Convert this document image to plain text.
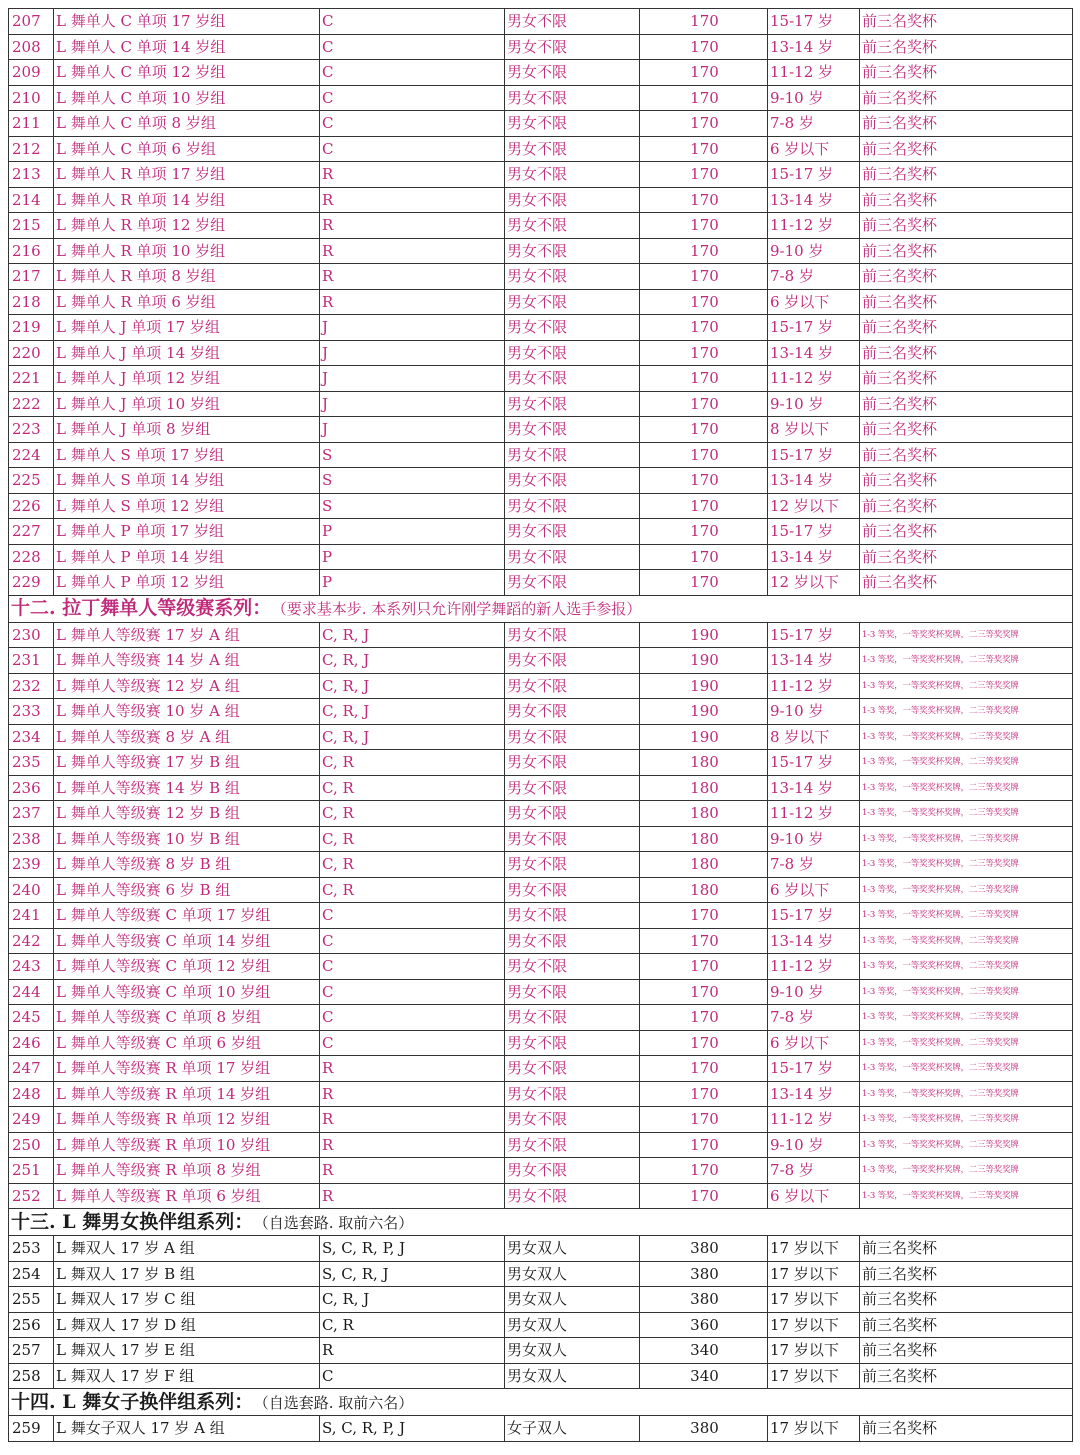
207	L 舞单人 C 单项 17 岁组	C	男女不限	170	15-17 岁	前三名奖杯
208	L 舞单人 C 单项 14 岁组	C	男女不限	170	13-14 岁	前三名奖杯
209	L 舞单人 C 单项 12 岁组	C	男女不限	170	11-12 岁	前三名奖杯
210	L 舞单人 C 单项 10 岁组	C	男女不限	170	9-10 岁	前三名奖杯
211	L 舞单人 C 单项 8 岁组	C	男女不限	170	7-8 岁	前三名奖杯
212	L 舞单人 C 单项 6 岁组	C	男女不限	170	6 岁以下	前三名奖杯
213	L 舞单人 R 单项 17 岁组	R	男女不限	170	15-17 岁	前三名奖杯
214	L 舞单人 R 单项 14 岁组	R	男女不限	170	13-14 岁	前三名奖杯
215	L 舞单人 R 单项 12 岁组	R	男女不限	170	11-12 岁	前三名奖杯
216	L 舞单人 R 单项 10 岁组	R	男女不限	170	9-10 岁	前三名奖杯
217	L 舞单人 R 单项 8 岁组	R	男女不限	170	7-8 岁	前三名奖杯
218	L 舞单人 R 单项 6 岁组	R	男女不限	170	6 岁以下	前三名奖杯
219	L 舞单人 J 单项 17 岁组	J	男女不限	170	15-17 岁	前三名奖杯
220	L 舞单人 J 单项 14 岁组	J	男女不限	170	13-14 岁	前三名奖杯
221	L 舞单人 J 单项 12 岁组	J	男女不限	170	11-12 岁	前三名奖杯
222	L 舞单人 J 单项 10 岁组	J	男女不限	170	9-10 岁	前三名奖杯
223	L 舞单人 J 单项 8 岁组	J	男女不限	170	8 岁以下	前三名奖杯
224	L 舞单人 S 单项 17 岁组	S	男女不限	170	15-17 岁	前三名奖杯
225	L 舞单人 S 单项 14 岁组	S	男女不限	170	13-14 岁	前三名奖杯
226	L 舞单人 S 单项 12 岁组	S	男女不限	170	12 岁以下	前三名奖杯
227	L 舞单人 P 单项 17 岁组	P	男女不限	170	15-17 岁	前三名奖杯
228	L 舞单人 P 单项 14 岁组	P	男女不限	170	13-14 岁	前三名奖杯
229	L 舞单人 P 单项 12 岁组	P	男女不限	170	12 岁以下	前三名奖杯
十二. 拉丁舞单人等级赛系列： （要求基本步. 本系列只允许刚学舞蹈的新人选手参报）						
230	L 舞单人等级赛 17 岁 A 组	C, R, J	男女不限	190	15-17 岁	1-3 等奖，一等奖奖杯奖牌，二三等奖奖牌
231	L 舞单人等级赛 14 岁 A 组	C, R, J	男女不限	190	13-14 岁	1-3 等奖，一等奖奖杯奖牌，二三等奖奖牌
232	L 舞单人等级赛 12 岁 A 组	C, R, J	男女不限	190	11-12 岁	1-3 等奖，一等奖奖杯奖牌，二三等奖奖牌
233	L 舞单人等级赛 10 岁 A 组	C, R, J	男女不限	190	9-10 岁	1-3 等奖，一等奖奖杯奖牌，二三等奖奖牌
234	L 舞单人等级赛 8 岁 A 组	C, R, J	男女不限	190	8 岁以下	1-3 等奖，一等奖奖杯奖牌，二三等奖奖牌
235	L 舞单人等级赛 17 岁 B 组	C, R	男女不限	180	15-17 岁	1-3 等奖，一等奖奖杯奖牌，二三等奖奖牌
236	L 舞单人等级赛 14 岁 B 组	C, R	男女不限	180	13-14 岁	1-3 等奖，一等奖奖杯奖牌，二三等奖奖牌
237	L 舞单人等级赛 12 岁 B 组	C, R	男女不限	180	11-12 岁	1-3 等奖，一等奖奖杯奖牌，二三等奖奖牌
238	L 舞单人等级赛 10 岁 B 组	C, R	男女不限	180	9-10 岁	1-3 等奖，一等奖奖杯奖牌，二三等奖奖牌
239	L 舞单人等级赛 8 岁 B 组	C, R	男女不限	180	7-8 岁	1-3 等奖，一等奖奖杯奖牌，二三等奖奖牌
240	L 舞单人等级赛 6 岁 B 组	C, R	男女不限	180	6 岁以下	1-3 等奖，一等奖奖杯奖牌，二三等奖奖牌
241	L 舞单人等级赛 C 单项 17 岁组	C	男女不限	170	15-17 岁	1-3 等奖，一等奖奖杯奖牌，二三等奖奖牌
242	L 舞单人等级赛 C 单项 14 岁组	C	男女不限	170	13-14 岁	1-3 等奖，一等奖奖杯奖牌，二三等奖奖牌
243	L 舞单人等级赛 C 单项 12 岁组	C	男女不限	170	11-12 岁	1-3 等奖，一等奖奖杯奖牌，二三等奖奖牌
244	L 舞单人等级赛 C 单项 10 岁组	C	男女不限	170	9-10 岁	1-3 等奖，一等奖奖杯奖牌，二三等奖奖牌
245	L 舞单人等级赛 C 单项 8 岁组	C	男女不限	170	7-8 岁	1-3 等奖，一等奖奖杯奖牌，二三等奖奖牌
246	L 舞单人等级赛 C 单项 6 岁组	C	男女不限	170	6 岁以下	1-3 等奖，一等奖奖杯奖牌，二三等奖奖牌
247	L 舞单人等级赛 R 单项 17 岁组	R	男女不限	170	15-17 岁	1-3 等奖，一等奖奖杯奖牌，二三等奖奖牌
248	L 舞单人等级赛 R 单项 14 岁组	R	男女不限	170	13-14 岁	1-3 等奖，一等奖奖杯奖牌，二三等奖奖牌
249	L 舞单人等级赛 R 单项 12 岁组	R	男女不限	170	11-12 岁	1-3 等奖，一等奖奖杯奖牌，二三等奖奖牌
250	L 舞单人等级赛 R 单项 10 岁组	R	男女不限	170	9-10 岁	1-3 等奖，一等奖奖杯奖牌，二三等奖奖牌
251	L 舞单人等级赛 R 单项 8 岁组	R	男女不限	170	7-8 岁	1-3 等奖，一等奖奖杯奖牌，二三等奖奖牌
252	L 舞单人等级赛 R 单项 6 岁组	R	男女不限	170	6 岁以下	1-3 等奖，一等奖奖杯奖牌，二三等奖奖牌
十三. L 舞男女换伴组系列： （自选套路. 取前六名）						
253	L 舞双人 17 岁 A 组	S, C, R, P, J	男女双人	380	17 岁以下	前三名奖杯
254	L 舞双人 17 岁 B 组	S, C, R, J	男女双人	380	17 岁以下	前三名奖杯
255	L 舞双人 17 岁 C 组	C, R, J	男女双人	380	17 岁以下	前三名奖杯
256	L 舞双人 17 岁 D 组	C, R	男女双人	360	17 岁以下	前三名奖杯
257	L 舞双人 17 岁 E 组	R	男女双人	340	17 岁以下	前三名奖杯
258	L 舞双人 17 岁 F 组	C	男女双人	340	17 岁以下	前三名奖杯
十四. L 舞女子换伴组系列： （自选套路. 取前六名）						
259	L 舞女子双人 17 岁 A 组	S, C, R, P, J	女子双人	380	17 岁以下	前三名奖杯
